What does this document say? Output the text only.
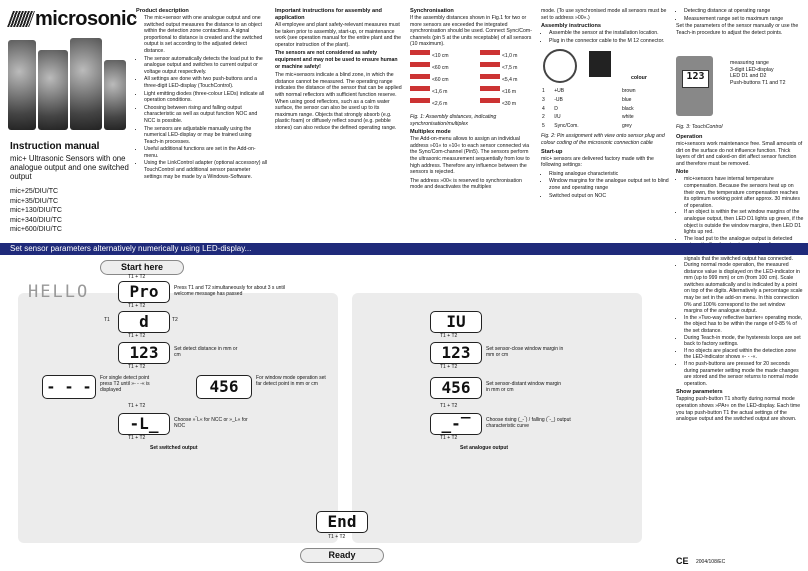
microsonic
Instruction manual
mic+ Ultrasonic Sensors with one analogue output and one switched output
mic+25/DIU/TC
mic+35/DIU/TC
mic+130/DIU/TC
mic+340/DIU/TC
mic+600/DIU/TC
Product description
• The mic+sensor with one analogue output and one switched output measures the distance to an object within the detection zone contactless. A signal proportional to distance is created and the switched output is set according to the adjusted detect distance.
• The sensor automatically detects the load put to the analogue output and switches to current output or voltage output respectively.
• All settings are done with two push-buttons and a three-digit LED-display (TouchControl).
• Light emitting diodes (three-colour LEDs) indicate all operation conditions.
• Choosing between rising and falling output characteristic as well as output function NOC and NCC is possible.
• The sensors are adjustable manually using the numerical LED-display or may be trained using Teach-in processes.
• Useful additional functions are set in the Add-on-menu.
• Using the LinkControl adapter (optional accessory) all TouchControl and additional sensor parameter settings may be made by a Windows-Software.
Important instructions for assembly and application

All employee and plant safety-relevant measures must be taken prior to assembly, start-up, or maintenance work (see operation manual for the entire plant and the operator instruction of the plant).

The sensors are not considered as safety equipment and may not be used to ensure human or machine safety!

The mic+sensors indicate a blind zone, in which the distance cannot be measured. The operating range indicates the distance of the sensor that can be applied with normal reflectors with sufficient function reserve. When using good reflectors, such as a calm water surface, the sensor can also be used up to its maximum range. Objects that strongly absorb (e.g. plastic foam) or diffusely reflect sound (e.g. pebble stones) can also reduce the defined operating range.

Synchronisation

If the assembly distances shown in Fig.1 for two or more sensors are exceeded the integrated synchronisation should be used. Connect Sync/Com-channels (pin 5 at the units receptable) of all sensors (10 maximum).

<10 cm
<60 cm
<60 cm
<1,6 m
<2,6 m
<1,0 m
<7,5 m
<5,4 m
<16 m
<30 m

Fig. 1: Assembly distances, indicating synchronisation/multiplex

Multiplex mode

The Add-on-menu allows to assign an individual address »01« to »10« to each sensor connected via the Sync/Com-channel (Pin5). The sensors perform the ultrasonic measurement sequentially from low to high address. Therefore any influence between the sensors is rejected.

The address »00« is reserved to synchronisation mode and deactivates the multiplex

mode. (To use synchronised mode all sensors must be set to address »00«.)

Assembly instructions
• Assemble the sensor at the installation location.
• Plug in the connector cable to the M 12 connector.
colour
1	+UB	brown
3	-UB	blue
4	D	black
2	I/U	white
5	Sync/Com.	grey

Fig. 2: Pin assignment with view onto sensor plug and colour coding of the microsonic connection cable

Start-up

mic+ sensors are delivered factory made with the following settings:

• Rising analogue characteristic
• Window margins for the analogue output set to blind zone and operating range
• Switched output on NOC
• Detecting distance at operating range
• Measurement range set to maximum range

Set the parameters of the sensor manually or use the Teach-in procedure to adjust the detect points.

123
measuring range
3-digit LED-display
LED D1 and D2
Push-buttons T1 and T2
Fig. 3: TouchControl
Operation

mic+sensors work maintenance free. Small amounts of dirt on the surface do not influence function. Thick layers of dirt and caked-on dirt affect sensor function and therefore must be removed.

Note
• mic+sensors have internal temperature compensation. Because the sensors heat up on their own, the temperature compensation reaches its optimum working point after approx. 30 minutes of operation.
• If an object is within the set window margins of the analogue output, then LED D1 lights up green, if the object is outside the window margins, then LED D1 lights up red.
• The load put to the analogue output is detected
• signals that the switched output has connected.
• During normal mode operation, the measured distance value is displayed on the LED-indicator in mm (up to 999 mm) or cm (from 100 cm). Scale switches automatically and is indicated by a point on top of the digits. Alternatively a percentage scale may be set in the add-on menu. In this connection 0% and 100% correspond to the set window margins of the analogue output.
• In the »Two-way reflective barrier« operating mode, the object has to be within the range of 0-85 % of the set distance.
• During Teach-in mode, the hysteresis loops are set back to factory settings.
• If no objects are placed within the detection zone the LED-indicator shows »- - -«.
• If no push-buttons are pressed for 20 seconds during parameter setting mode the made changes are stored and the sensor returns to normal mode operation.
Show parameters

Tapping push-button T1 shortly during normal mode operation shows »PAr« on the LED-display. Each time you tap push-button T1 the actual settings of the analogue output and the switched output are shown.

CE 2004/108/EC
Set sensor parameters alternatively numerically using LED-display...
Start here
T1 + T2
HELLO	Pro	Press T1 and T2 simultaneously for about 3 s until welcome message has passed
T1 + T2
d
T1	T2
T1 + T2
123	Set detect distance in mm or cm
T1 + T2
- - -	For single detect point press T2 until »- - -« is displayed	456	For window mode operation set far detect point in mm or cm
T1 + T2
-L_	Choose »‾L« for NCC or »_L« for NOC
T1 + T2
Set switched output
IU
T1 + T2
123	Set sensor-close window margin in mm or cm
T1 + T2
456	Set sensor-distant window margin in mm or cm
T1 + T2
_-‾	Choose rising (_-‾) / falling (‾-_) output characteristic curve
T1 + T2
Set analogue output
End
T1 + T2
Ready
